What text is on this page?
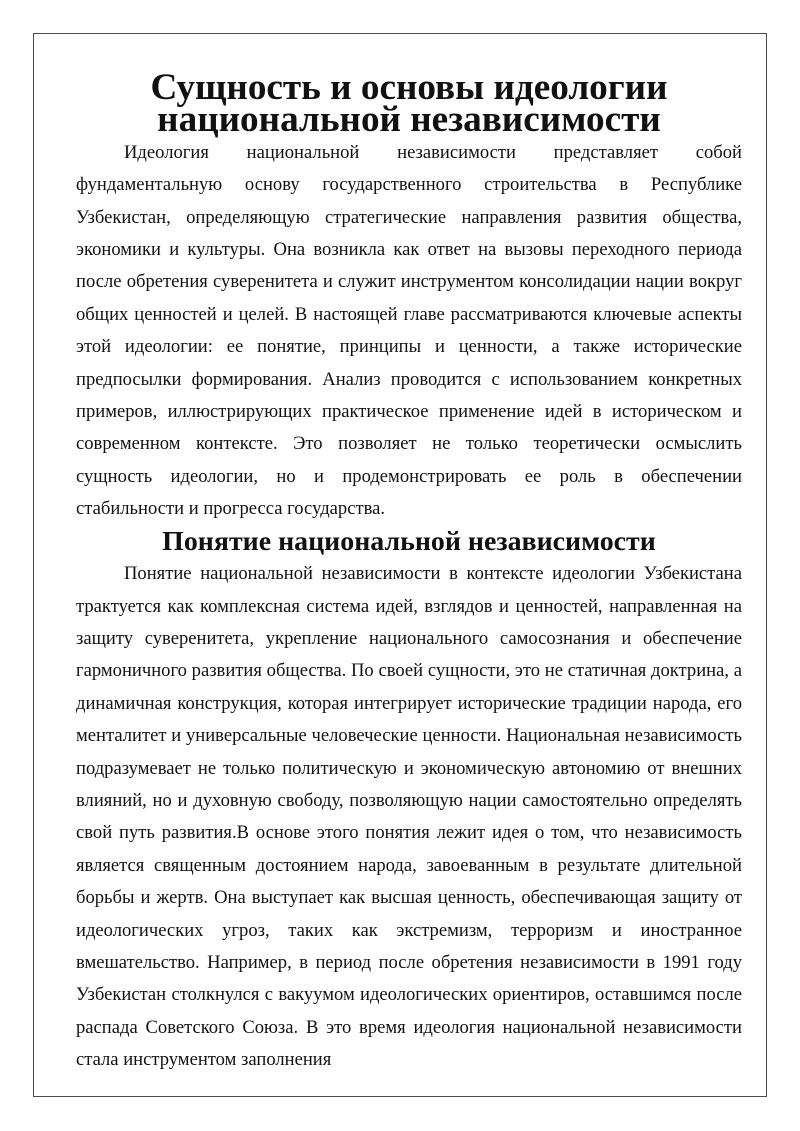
Сущность и основы идеологии национальной независимости

Идеология национальной независимости представляет собой фундаментальную основу государственного строительства в Республике Узбекистан, определяющую стратегические направления развития общества, экономики и культуры. Она возникла как ответ на вызовы переходного периода после обретения суверенитета и служит инструментом консолидации нации вокруг общих ценностей и целей. В настоящей главе рассматриваются ключевые аспекты этой идеологии: ее понятие, принципы и ценности, а также исторические предпосылки формирования. Анализ проводится с использованием конкретных примеров, иллюстрирующих практическое применение идей в историческом и современном контексте. Это позволяет не только теоретически осмыслить сущность идеологии, но и продемонстрировать ее роль в обеспечении стабильности и прогресса государства.

Понятие национальной независимости

Понятие национальной независимости в контексте идеологии Узбекистана трактуется как комплексная система идей, взглядов и ценностей, направленная на защиту суверенитета, укрепление национального самосознания и обеспечение гармоничного развития общества. По своей сущности, это не статичная доктрина, а динамичная конструкция, которая интегрирует исторические традиции народа, его менталитет и универсальные человеческие ценности. Национальная независимость подразумевает не только политическую и экономическую автономию от внешних влияний, но и духовную свободу, позволяющую нации самостоятельно определять свой путь развития.В основе этого понятия лежит идея о том, что независимость является священным достоянием народа, завоеванным в результате длительной борьбы и жертв. Она выступает как высшая ценность, обеспечивающая защиту от идеологических угроз, таких как экстремизм, терроризм и иностранное вмешательство. Например, в период после обретения независимости в 1991 году Узбекистан столкнулся с вакуумом идеологических ориентиров, оставшимся после распада Советского Союза. В это время идеология национальной независимости стала инструментом заполнения
